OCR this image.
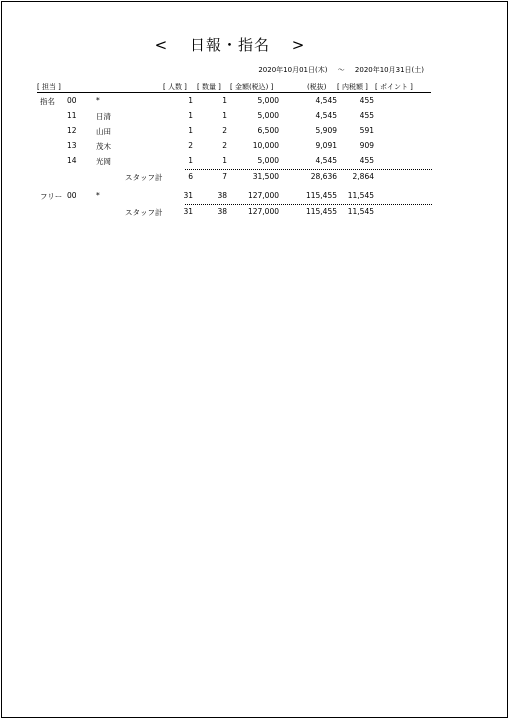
< 日報・指名 >
2020年10月01日(木) ～ 2020年10月31日(土)
[ 担当 ]	[ 人数 ] [ 数量 ] [ 金額(税込) ]	(税抜) [ 内税額 ] [ ポイント ]
指名 00	*	1	1	5,000	4,545	455
11	日清	1	1	5,000	4,545	455
12	山田	1	2	6,500	5,909	591
13	茂木	2	2	10,000	9,091	909
14	光岡	1	1	5,000	4,545	455
スタッフ計	6	7	31,500	28,636 2,864
フリー 00	*	31	38	127,000	115,455 11,545
スタッフ計	31	38	127,000	115,455 11,545
